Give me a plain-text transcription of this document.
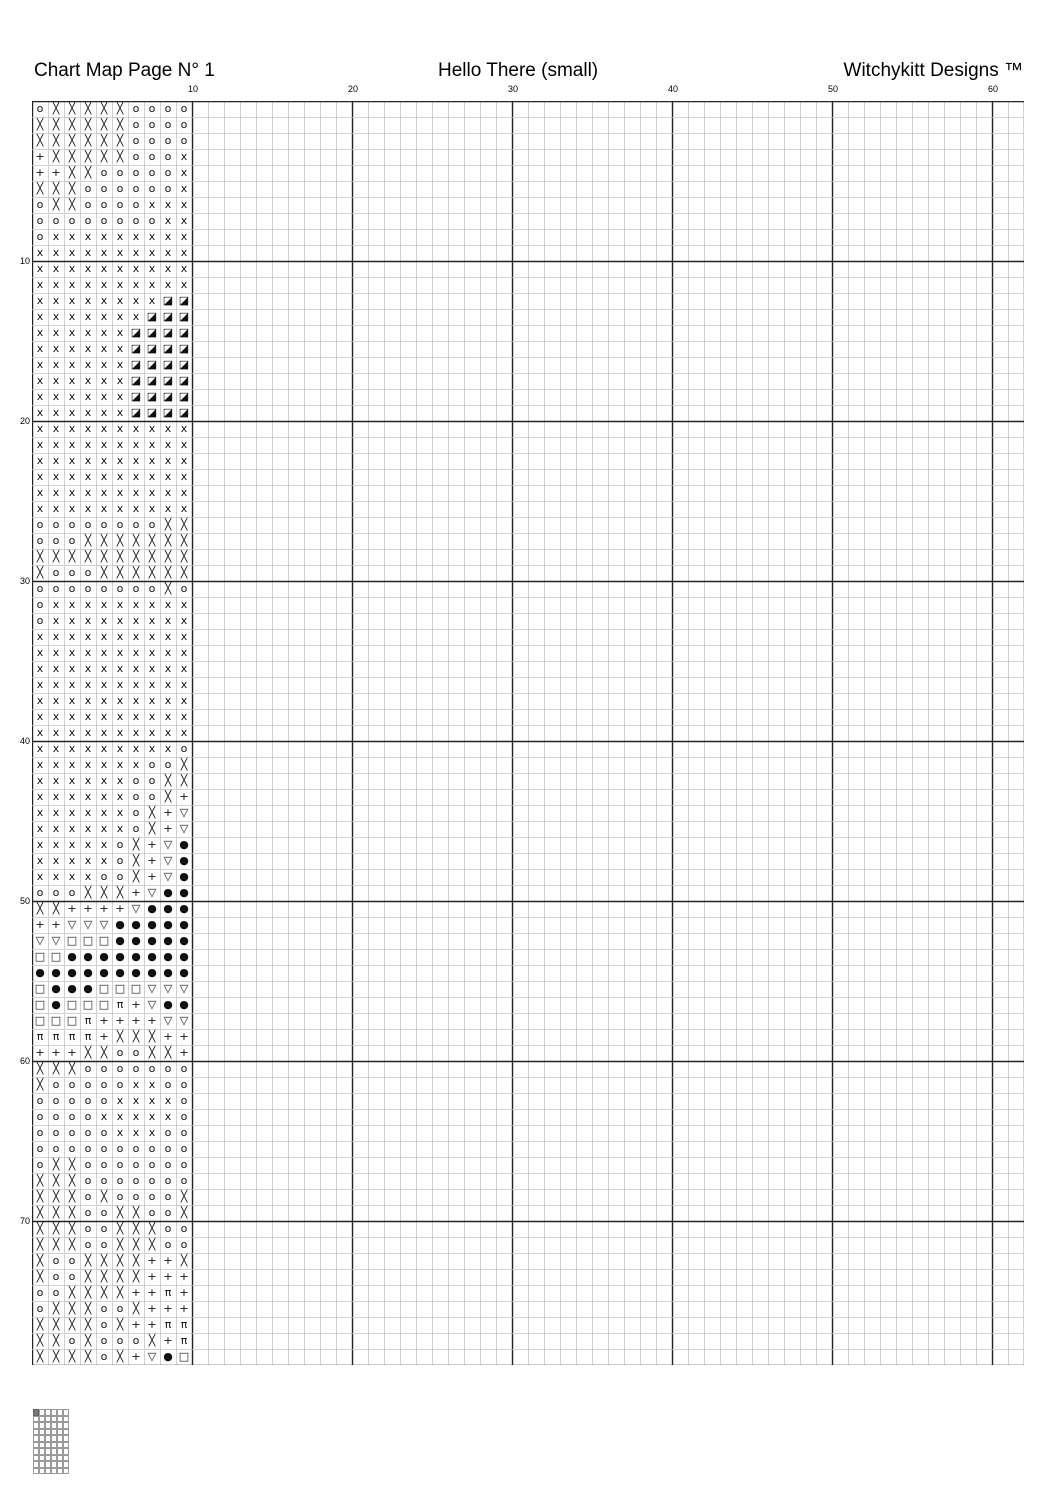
Chart Map Page N° 1	Hello There (small)	Witchykitt Designs ™
10	20	30	40	50	60
10
20
30
40
50
60
70
o ╳ ╳ ╳ ╳ ╳ o o o o
╳ ╳ ╳ ╳ ╳ ╳ o o o o
╳ ╳ ╳ ╳ ╳ ╳ o o o o
+ ╳ ╳ ╳ ╳ ╳ o o o x
+ + ╳ ╳ o o o o o x
╳ ╳ ╳ o o o o o o x
o ╳ ╳ o o o o x x x
o o o o o o o o x x
o x x x x x x x x x
x x x x x x x x x x
x x x x x x x x x x
x x x x x x x x x x
x x x x x x x x ◪ ◪
x x x x x x x ◪ ◪ ◪
x x x x x x ◪ ◪ ◪ ◪
x x x x x x ◪ ◪ ◪ ◪
x x x x x x ◪ ◪ ◪ ◪
x x x x x x ◪ ◪ ◪ ◪
x x x x x x ◪ ◪ ◪ ◪
x x x x x x ◪ ◪ ◪ ◪
x x x x x x x x x x
x x x x x x x x x x
x x x x x x x x x x
x x x x x x x x x x
x x x x x x x x x x
x x x x x x x x x x
o o o o o o o o ╳ ╳
o o o ╳ ╳ ╳ ╳ ╳ ╳ ╳
╳ ╳ ╳ ╳ ╳ ╳ ╳ ╳ ╳ ╳
╳ o o o ╳ ╳ ╳ ╳ ╳ ╳
o o o o o o o o ╳ o
o x x x x x x x x x
o x x x x x x x x x
x x x x x x x x x x
x x x x x x x x x x
x x x x x x x x x x
x x x x x x x x x x
x x x x x x x x x x
x x x x x x x x x x
x x x x x x x x x x
x x x x x x x x x o
x x x x x x x o o ╳
x x x x x x o o ╳ ╳
x x x x x x o o ╳ +
x x x x x x o ╳ + ▽
x x x x x x o ╳ + ▽
x x x x x o ╳ + ▽ ●
x x x x x o ╳ + ▽ ●
x x x x o o ╳ + ▽ ●
o o o ╳ ╳ ╳ + ▽ ● ●
╳ ╳ + + + + ▽ ● ● ●
+ + ▽ ▽ ▽ ● ● ● ● ●
▽ ▽ □ □ □ ● ● ● ● ●
□ □ ● ● ● ● ● ● ● ●
● ● ● ● ● ● ● ● ● ●
□ ● ● ● □ □ □ ▽ ▽ ▽
□ ● □ □ □ π + ▽ ● ●
□ □ □ π + + + + ▽ ▽
π π π π + ╳ ╳ ╳ + +
+ + + ╳ ╳ o o ╳ ╳ +
╳ ╳ ╳ o o o o o o o
╳ o o o o o x x o o
o o o o o x x x x o
o o o o x x x x x o
o o o o o x x x o o
o o o o o o o o o o
o ╳ ╳ o o o o o o o
╳ ╳ ╳ o o o o o o o
╳ ╳ ╳ o ╳ o o o o ╳
╳ ╳ ╳ o o ╳ ╳ o o ╳
╳ ╳ ╳ o o ╳ ╳ ╳ o o
╳ ╳ ╳ o o ╳ ╳ ╳ o o
╳ o o ╳ ╳ ╳ ╳ + + ╳
╳ o o ╳ ╳ ╳ ╳ + + +
o o ╳ ╳ ╳ ╳ + + π +
o ╳ ╳ ╳ o o ╳ + + +
╳ ╳ ╳ ╳ o ╳ + + π π
╳ ╳ o ╳ o o o ╳ + π
╳ ╳ ╳ ╳ o ╳ + ▽ ● □
